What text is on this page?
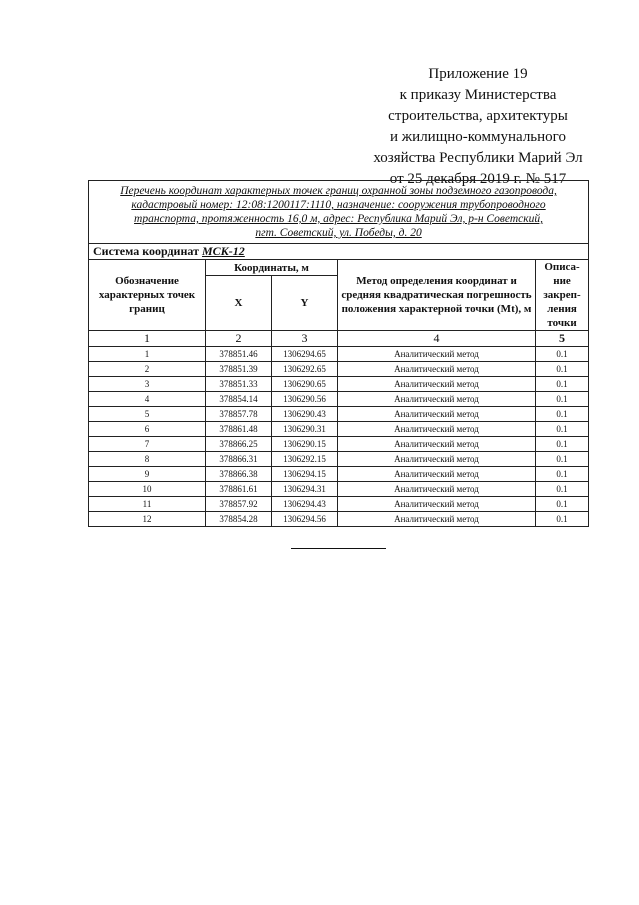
Приложение 19
к приказу Министерства
строительства, архитектуры
и жилищно-коммунального
хозяйства Республики Марий Эл
от 25 декабря 2019 г. № 517
Перечень координат характерных точек границ охранной зоны подземного газопровода,
кадастровый номер: 12:08:1200117:1110, назначение: сооружения трубопроводного
транспорта, протяженность 16,0 м, адрес: Республика Марий Эл, р-н Советский,
пгт. Советский, ул. Победы, д. 20				

Система координат МСК-12				
Обозначение характерных точек границ	Координаты, м		Метод определения координат и средняя квадратическая погрешность положения характерной точки (Mt), м	Описа-
ние
закреп-
ления
точки

	X	Y		
1	2	3	4	5
1	378851.46	1306294.65	Аналитический метод	0.1
2	378851.39	1306292.65	Аналитический метод	0.1
3	378851.33	1306290.65	Аналитический метод	0.1
4	378854.14	1306290.56	Аналитический метод	0.1
5	378857.78	1306290.43	Аналитический метод	0.1
6	378861.48	1306290.31	Аналитический метод	0.1
7	378866.25	1306290.15	Аналитический метод	0.1
8	378866.31	1306292.15	Аналитический метод	0.1
9	378866.38	1306294.15	Аналитический метод	0.1
10	378861.61	1306294.31	Аналитический метод	0.1
11	378857.92	1306294.43	Аналитический метод	0.1
12	378854.28	1306294.56	Аналитический метод	0.1
